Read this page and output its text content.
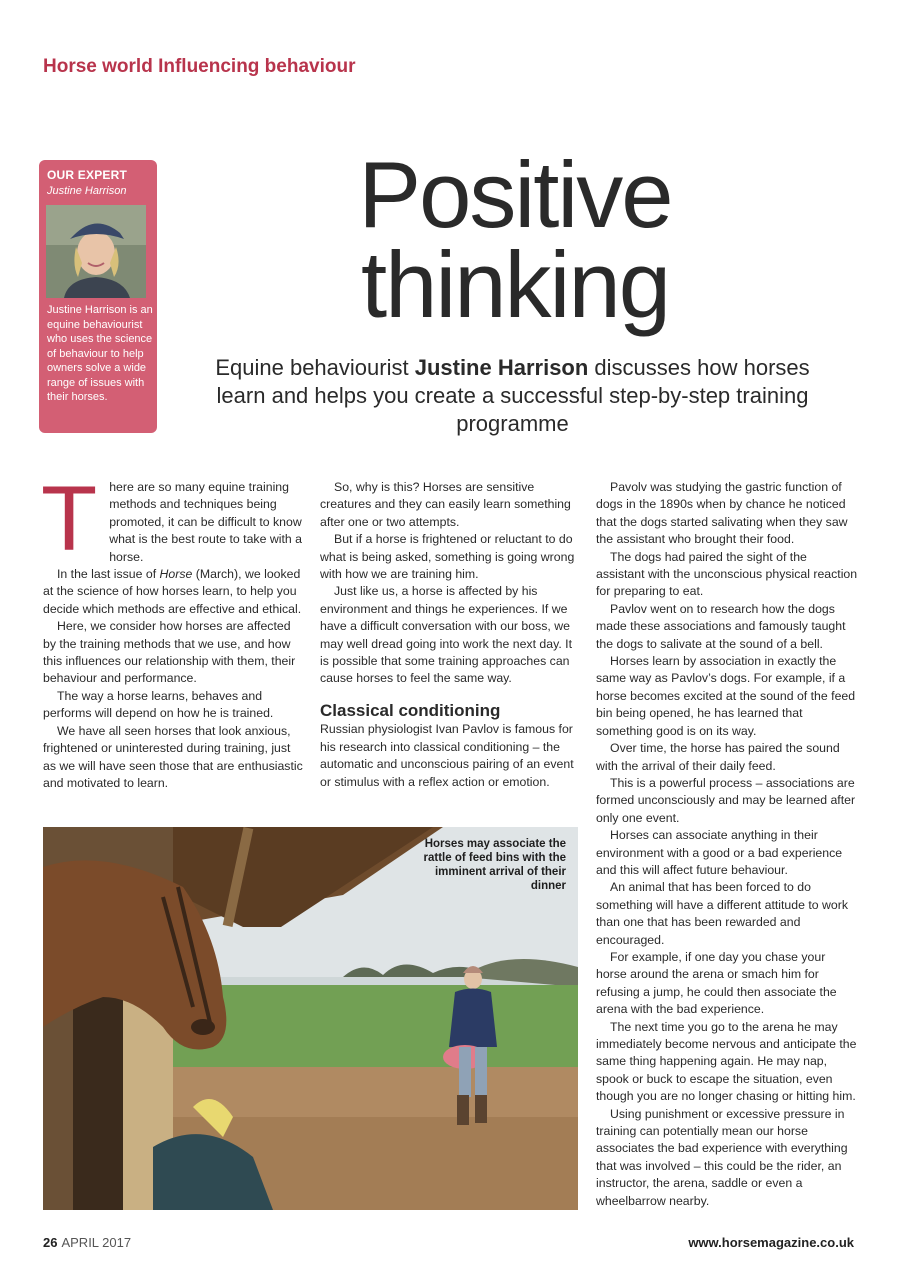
Horse world Influencing behaviour
OUR EXPERT
Justine Harrison
Justine Harrison is an equine behaviourist who uses the science of behaviour to help owners solve a wide range of issues with their horses.
Positive
thinking
Equine behaviourist Justine Harrison discusses how horses learn and helps you create a successful step-by-step training programme

There are so many equine training methods and techniques being promoted, it can be difficult to know what is the best route to take with a horse.

In the last issue of Horse (March), we looked at the science of how horses learn, to help you decide which methods are effective and ethical.

Here, we consider how horses are affected by the training methods that we use, and how this influences our relationship with them, their behaviour and performance.

The way a horse learns, behaves and performs will depend on how he is trained.

We have all seen horses that look anxious, frightened or uninterested during training, just as we will have seen those that are enthusiastic and motivated to learn.

So, why is this? Horses are sensitive creatures and they can easily learn something after one or two attempts.

But if a horse is frightened or reluctant to do what is being asked, something is going wrong with how we are training him.

Just like us, a horse is affected by his environment and things he experiences. If we have a difficult conversation with our boss, we may well dread going into work the next day. It is possible that some training approaches can cause horses to feel the same way.

Classical conditioning

Russian physiologist Ivan Pavlov is famous for his research into classical conditioning – the automatic and unconscious pairing of an event or stimulus with a reflex action or emotion.

Pavolv was studying the gastric function of dogs in the 1890s when by chance he noticed that the dogs started salivating when they saw the assistant who brought their food.

The dogs had paired the sight of the assistant with the unconscious physical reaction for preparing to eat.

Pavlov went on to research how the dogs made these associations and famously taught the dogs to salivate at the sound of a bell.

Horses learn by association in exactly the same way as Pavlov’s dogs. For example, if a horse becomes excited at the sound of the feed bin being opened, he has learned that something good is on its way.

Over time, the horse has paired the sound with the arrival of their daily feed.

This is a powerful process – associations are formed unconsciously and may be learned after only one event.

Horses can associate anything in their environment with a good or a bad experience and this will affect future behaviour.

An animal that has been forced to do something will have a different attitude to work than one that has been rewarded and encouraged.

For example, if one day you chase your horse around the arena or smach him for refusing a jump, he could then associate the arena with the bad experience.

The next time you go to the arena he may immediately become nervous and anticipate the same thing happening again. He may nap, spook or buck to escape the situation, even though you are no longer chasing or hitting him.

Using punishment or excessive pressure in training can potentially mean our horse associates the bad experience with everything that was involved – this could be the rider, an instructor, the arena, saddle or even a wheelbarrow nearby.

Horses may associate the rattle of feed bins with the imminent arrival of their dinner
26 APRIL 2017	www.horsemagazine.co.uk
